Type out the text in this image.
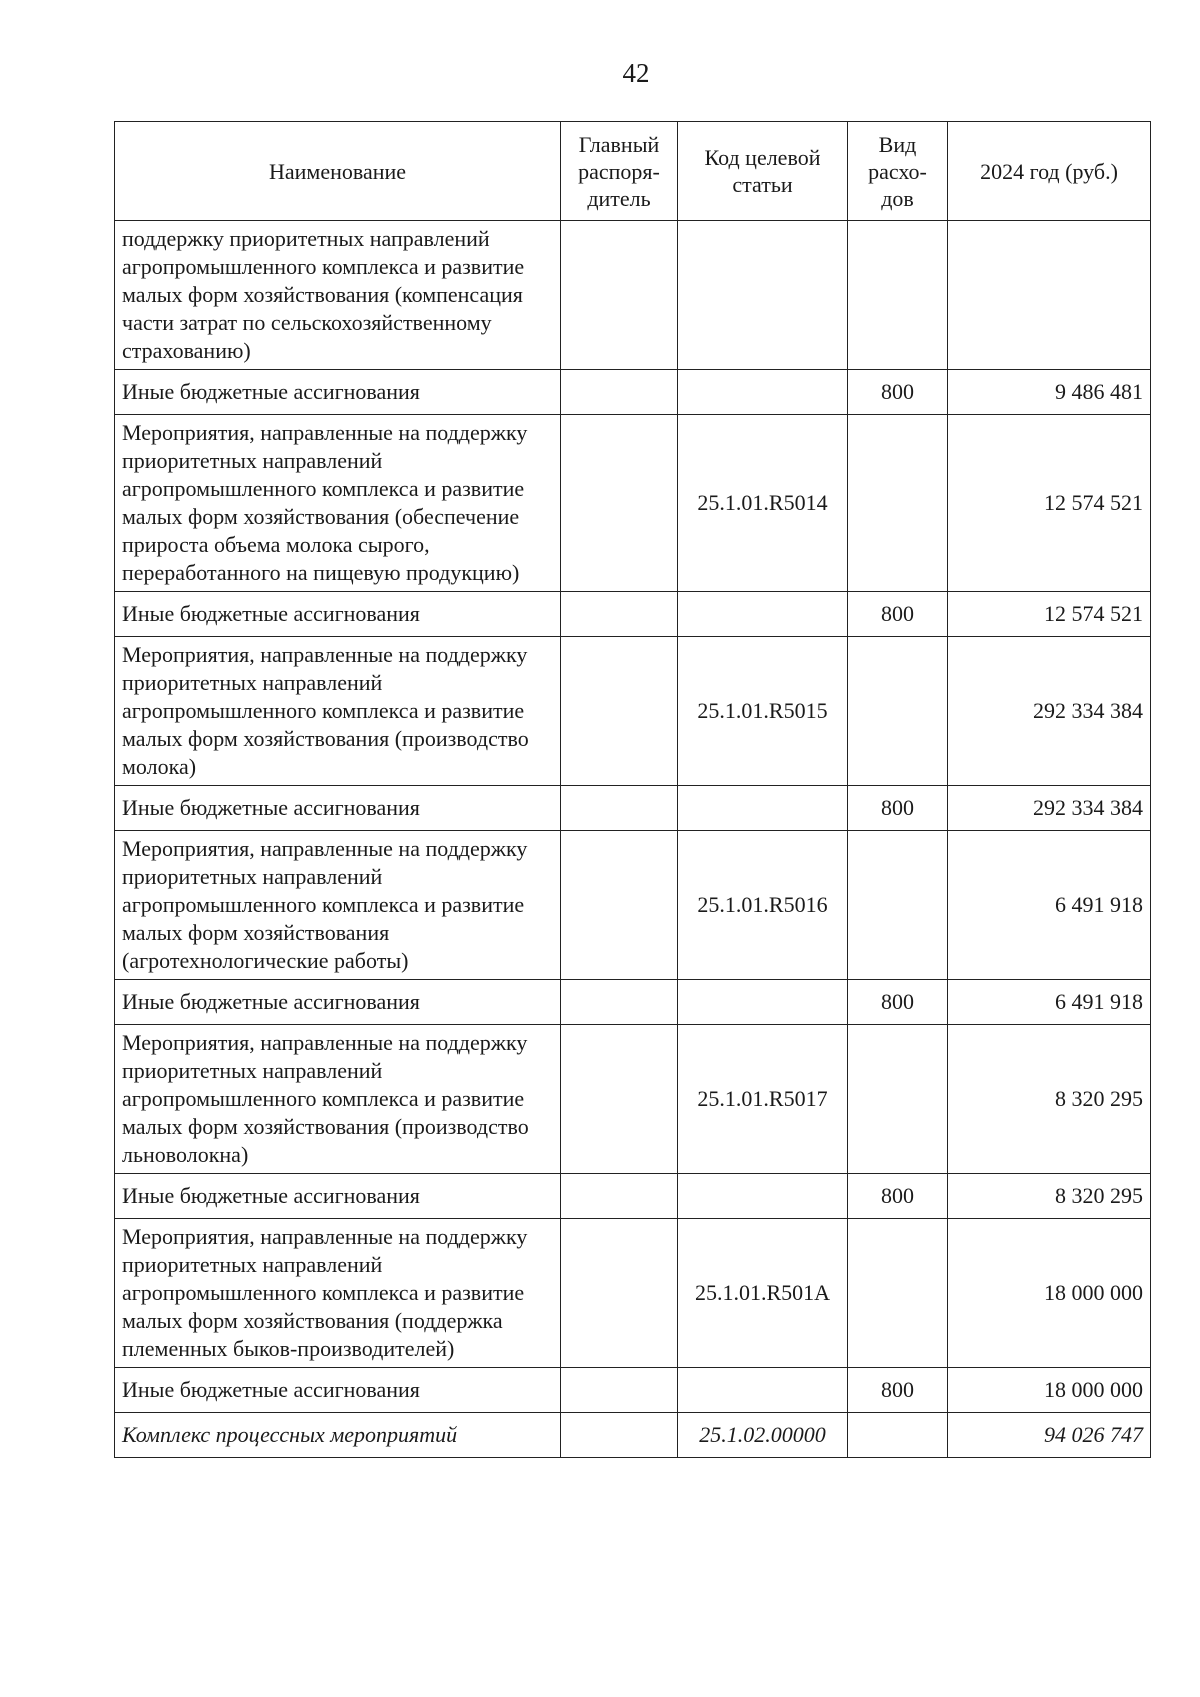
42
Наименование	Главный распоря-дитель	Код целевой статьи	Вид расхо-дов	2024 год (руб.)
поддержку приоритетных направлений агропромышленного комплекса и развитие малых форм хозяйствования (компенсация части затрат по сельскохозяйственному страхованию)				
Иные бюджетные ассигнования			800	9 486 481
Мероприятия, направленные на поддержку приоритетных направлений агропромышленного комплекса и развитие малых форм хозяйствования (обеспечение прироста объема молока сырого, переработанного на пищевую продукцию)		25.1.01.R5014		12 574 521
Иные бюджетные ассигнования			800	12 574 521
Мероприятия, направленные на поддержку приоритетных направлений агропромышленного комплекса и развитие малых форм хозяйствования (производство молока)		25.1.01.R5015		292 334 384
Иные бюджетные ассигнования			800	292 334 384
Мероприятия, направленные на поддержку приоритетных направлений агропромышленного комплекса и развитие малых форм хозяйствования (агротехнологические работы)		25.1.01.R5016		6 491 918
Иные бюджетные ассигнования			800	6 491 918
Мероприятия, направленные на поддержку приоритетных направлений агропромышленного комплекса и развитие малых форм хозяйствования (производство льноволокна)		25.1.01.R5017		8 320 295
Иные бюджетные ассигнования			800	8 320 295
Мероприятия, направленные на поддержку приоритетных направлений агропромышленного комплекса и развитие малых форм хозяйствования (поддержка племенных быков-производителей)		25.1.01.R501А		18 000 000
Иные бюджетные ассигнования			800	18 000 000
Комплекс процессных мероприятий		25.1.02.00000		94 026 747
